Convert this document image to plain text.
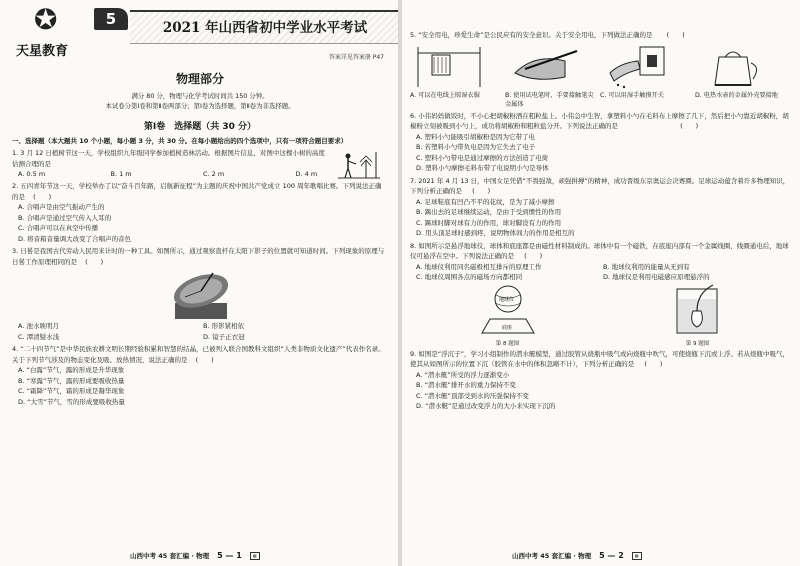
✪
天星教育
5	2021 年山西省初中学业水平考试
答案详见答案册 P47
物理部分
满分 80 分，物理与化学考试时间共 150 分钟。
本试卷分第Ⅰ卷和第Ⅱ卷两部分；第Ⅰ卷为选择题，第Ⅱ卷为非选择题。
第Ⅰ卷　选择题（共 30 分）
一、选择题（本大题共 10 个小题，每小题 3 分，共 30 分。在每小题给出的四个选项中，只有一项符合题目要求）
1. 3 月 12 日植树节这一天，学校组织九年级同学参加植树造林活动。根据图片信息，对图中这棵小树的高度估测合理的是
A. 0.5 m	B. 1 m	C. 2 m	D. 4 m
2. 五四青年节这一天，学校举办了以“奋斗百年路，启航新征程”为主题的庆祝中国共产党成立 100 周年歌唱比赛。下列说法正确的是 (　　)
A. 合唱声是由空气振动产生的
B. 合唱声是通过空气传入人耳的
C. 合唱声可以在真空中传播
D. 将音箱音量调大改变了合唱声的音色
3. 日晷是我国古代劳动人民用来计时的一种工具。如图所示，通过观察直杆在太阳下影子的位置就可知道时间。下列现象的原理与日晷工作原理相同的是 (　　)
A. 池水映明月	B. 形影紧相依
C. 潭清疑水浅	D. 镜子正衣冠
4. “二十四节气”是中华民族农耕文明长期经验积累和智慧的结晶，已被列入联合国教科文组织“人类非物质文化遗产”代表作名录。关于下列节气涉及的物态变化及吸、放热情况，说法正确的是 (　　)
A. “白露”节气，露的形成是升华现象
B. “寒露”节气，露的形成要吸收热量
C. “霜降”节气，霜的形成是凝华现象
D. “大雪”节气，雪的形成要吸收热量
山西中考 45 套汇编 · 物理 5 — 1	▦
5. “安全用电，珍爱生命”是公民应有的安全意识。关于安全用电，下列做法正确的是 (　　)
A. 可以在电线上晾湿衣服	B. 使用试电笔时，手要接触笔尖金属体
C. 可以用湿手触摸开关	D. 电热水壶的金属外壳要接地
6. 小伟妈妈做饭时，不小心把胡椒粉洒在粗粒盐上。小伟急中生智，拿塑料小勺在毛料布上摩擦了几下，然后把小勺靠近胡椒粉，胡椒粉立刻被吸到小勺上，成功将胡椒粉和粗粒盐分开。下列说法正确的是	(　　)
A. 塑料小勺能吸引胡椒粉是因为它带了电
B. 若塑料小勺带负电是因为它失去了电子
C. 塑料小勺带电是通过摩擦的方法创造了电荷
D. 塑料小勺摩擦毛料布带了电说明小勺是导体
7. 2021 年 4 月 13 日，中国女足凭借“不畏强敌，顽强拼搏”的精神，成功晋级东京奥运会决赛圈。足球运动蕴含着许多物理知识，下列分析正确的是 (　　)
A. 足球鞋底有凹凸不平的花纹，是为了减小摩擦
B. 踢出去的足球继续运动，是由于受到惯性的作用
C. 踢球时脚对球有力的作用，球对脚没有力的作用
D. 用头顶足球时感到疼，说明物体间力的作用是相互的
8. 如图所示是悬浮地球仪，球体和底座都是由磁性材料制成的。球体中有一个磁铁，在底座内部有一个金属线圈，线圈通电后，地球仪可悬浮在空中。下列说法正确的是 (　　)
A. 地球仪利用同名磁极相互排斥的原理工作	B. 地球仪利用的能量从无到有
C. 地球仪周围各点的磁场方向都相同	D. 地球仪是利用电磁感应原理悬浮的
地球仪
底座
第 8 题图	第 9 题图
9. 如图是“浮沉子”，学习小组制作的潜水艇模型，通过胶管从烧瓶中吸气或向烧瓶中吹气，可使烧瓶下沉或上浮。若从烧瓶中吸气，使其从如图所示的位置下沉（胶管在水中的体积忽略不计），下列分析正确的是 (　　)
A. “潜水艇”所受的浮力逐渐变小
B. “潜水艇”排开水的重力保持不变
C. “潜水艇”顶部受到水的压强保持不变
D. “潜水艇”是通过改变浮力的大小来实现下沉的
山西中考 45 套汇编 · 物理 5 — 2	▦
